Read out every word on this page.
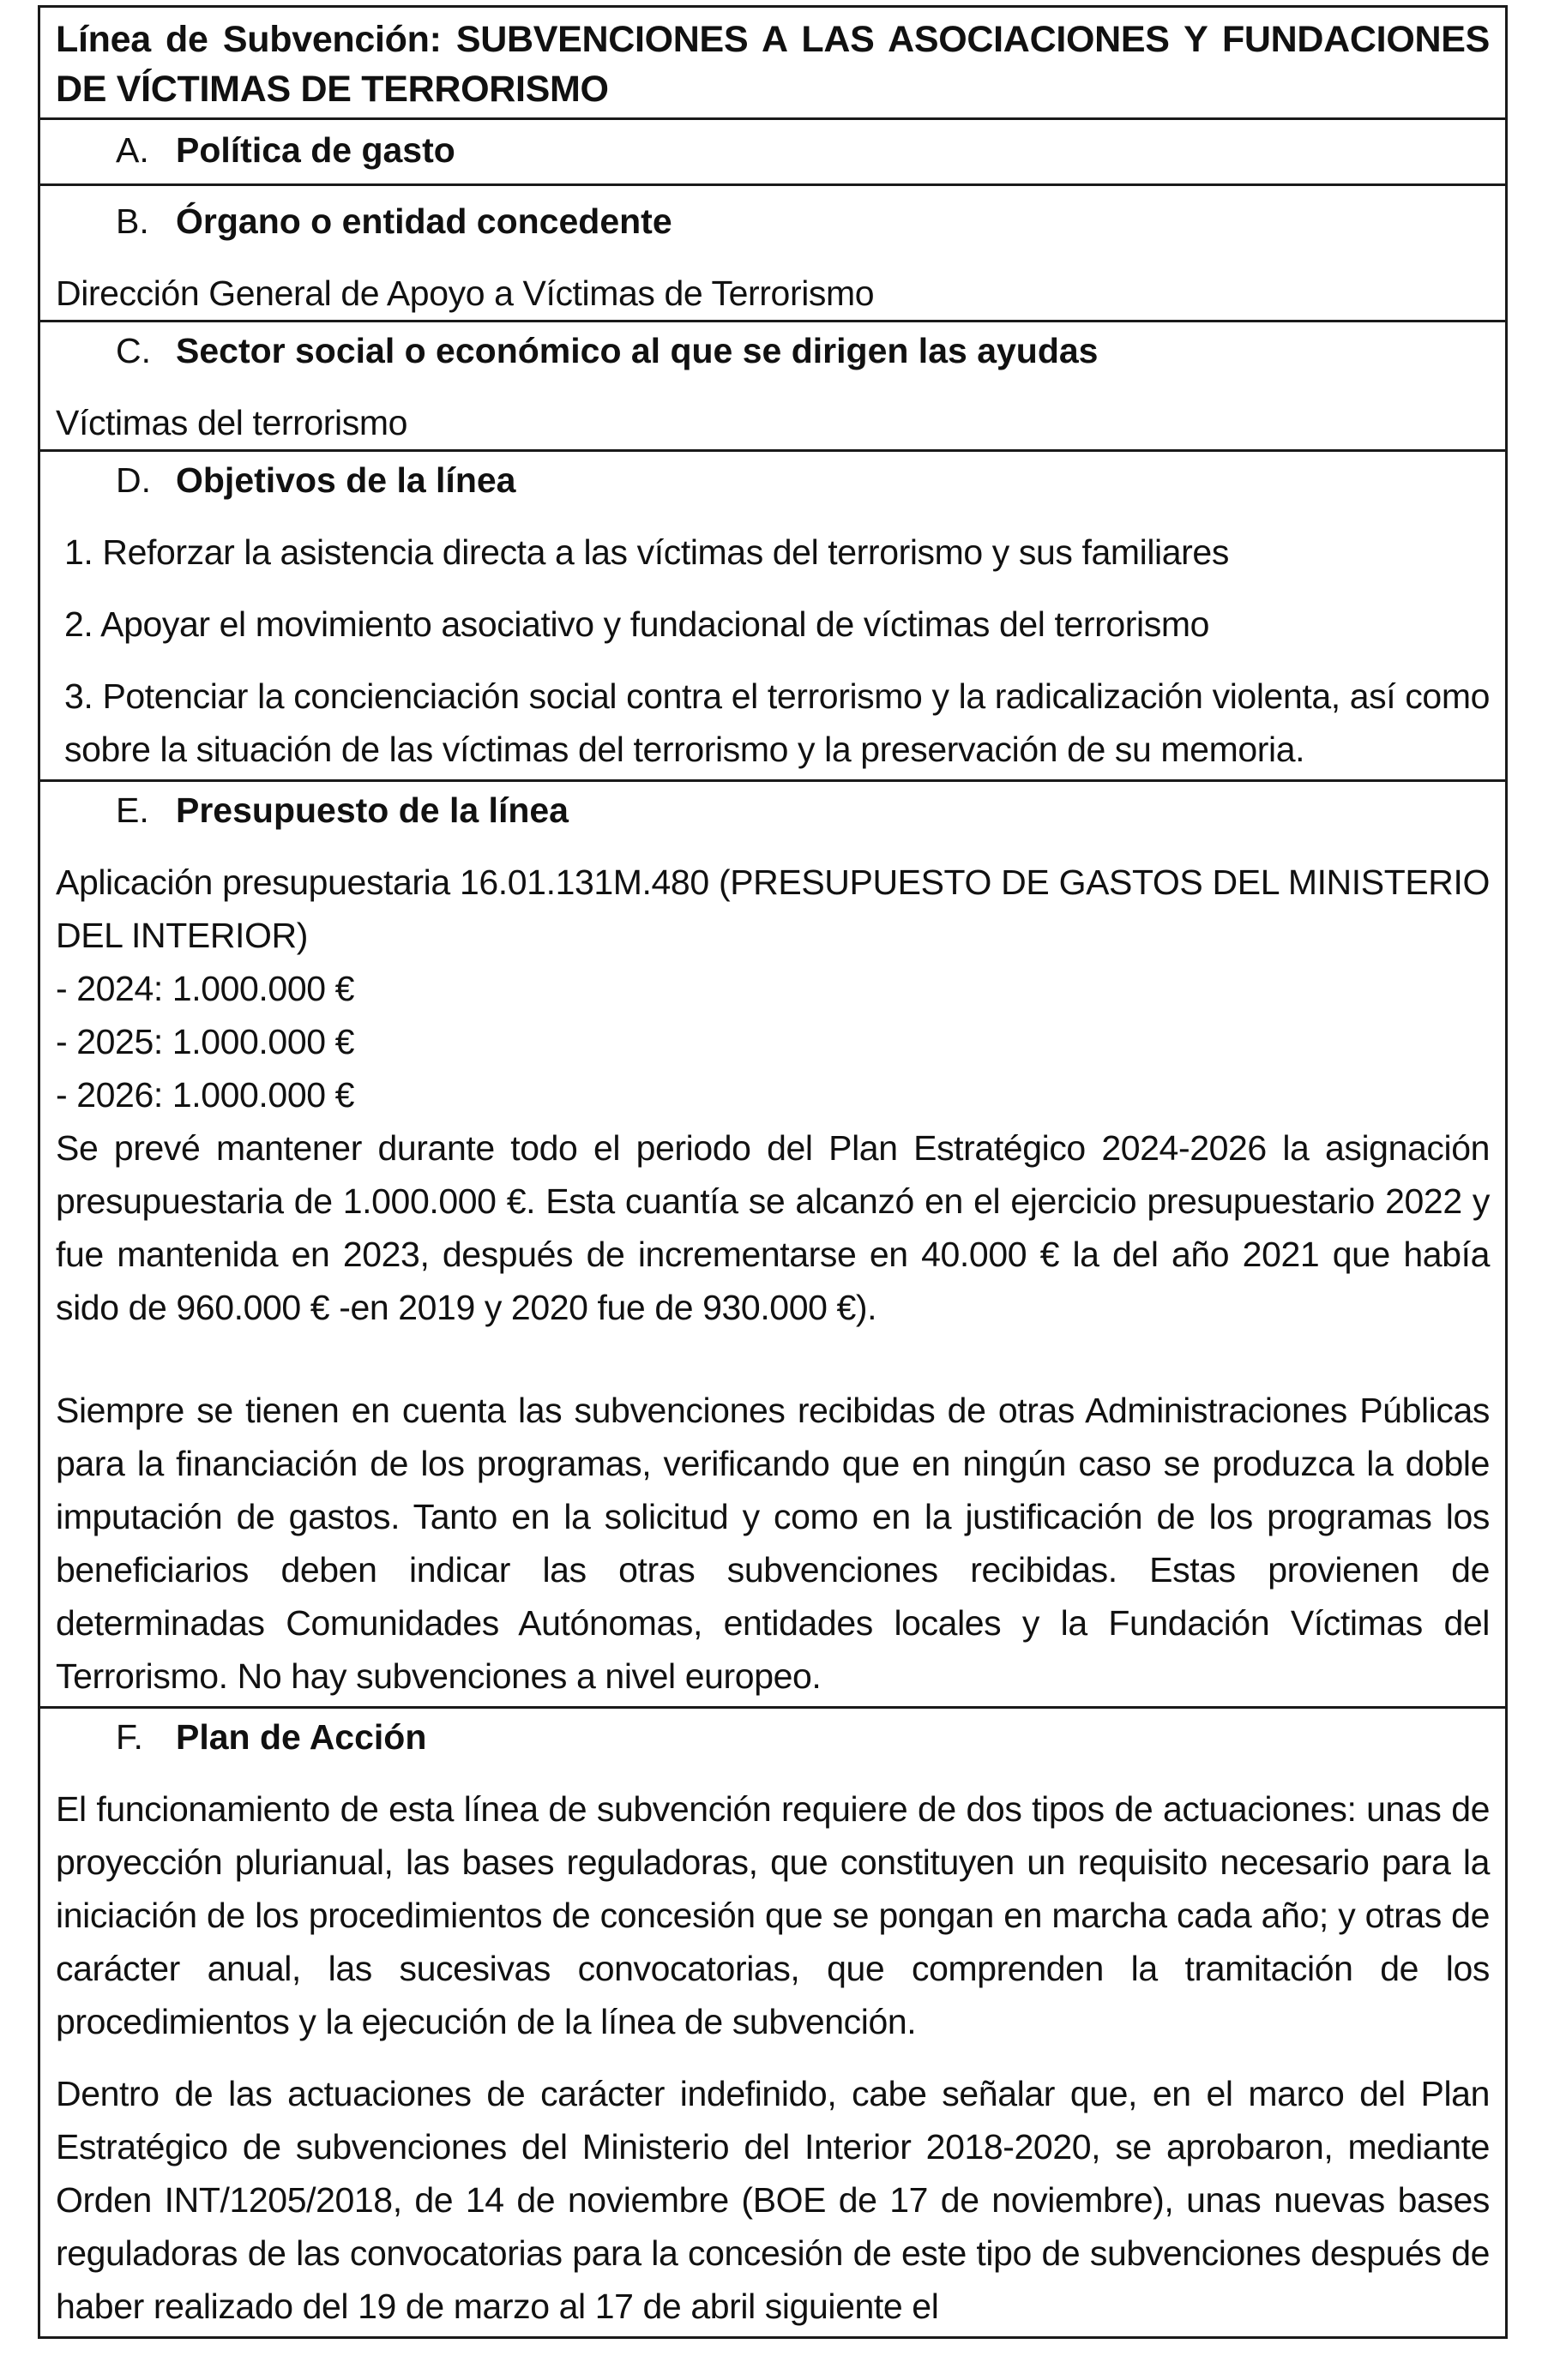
Línea de Subvención: SUBVENCIONES A LAS ASOCIACIONES Y FUNDACIONES DE VÍCTIMAS DE TERRORISMO
A. Política de gasto
B. Órgano o entidad concedente
Dirección General de Apoyo a Víctimas de Terrorismo
C. Sector social o económico al que se dirigen las ayudas
Víctimas del terrorismo
D. Objetivos de la línea
1. Reforzar la asistencia directa a las víctimas del terrorismo y sus familiares
2. Apoyar el movimiento asociativo y fundacional de víctimas del terrorismo
3. Potenciar la concienciación social contra el terrorismo y la radicalización violenta, así como sobre la situación de las víctimas del terrorismo y la preservación de su memoria.
E. Presupuesto de la línea
Aplicación presupuestaria 16.01.131M.480 (PRESUPUESTO DE GASTOS DEL MINISTERIO DEL INTERIOR)
- 2024: 1.000.000 €
- 2025: 1.000.000 €
- 2026: 1.000.000 €
Se prevé mantener durante todo el periodo del Plan Estratégico 2024-2026 la asignación presupuestaria de 1.000.000 €. Esta cuantía se alcanzó en el ejercicio presupuestario 2022 y fue mantenida en 2023, después de incrementarse en 40.000 € la del año 2021 que había sido de 960.000 € -en 2019 y 2020 fue de 930.000 €).
Siempre se tienen en cuenta las subvenciones recibidas de otras Administraciones Públicas para la financiación de los programas, verificando que en ningún caso se produzca la doble imputación de gastos. Tanto en la solicitud y como en la justificación de los programas los beneficiarios deben indicar las otras subvenciones recibidas. Estas provienen de determinadas Comunidades Autónomas, entidades locales y la Fundación Víctimas del Terrorismo. No hay subvenciones a nivel europeo.
F. Plan de Acción
El funcionamiento de esta línea de subvención requiere de dos tipos de actuaciones: unas de proyección plurianual, las bases reguladoras, que constituyen un requisito necesario para la iniciación de los procedimientos de concesión que se pongan en marcha cada año; y otras de carácter anual, las sucesivas convocatorias, que comprenden la tramitación de los procedimientos y la ejecución de la línea de subvención.
Dentro de las actuaciones de carácter indefinido, cabe señalar que, en el marco del Plan Estratégico de subvenciones del Ministerio del Interior 2018-2020, se aprobaron, mediante Orden INT/1205/2018, de 14 de noviembre (BOE de 17 de noviembre), unas nuevas bases reguladoras de las convocatorias para la concesión de este tipo de subvenciones después de haber realizado del 19 de marzo al 17 de abril siguiente el
